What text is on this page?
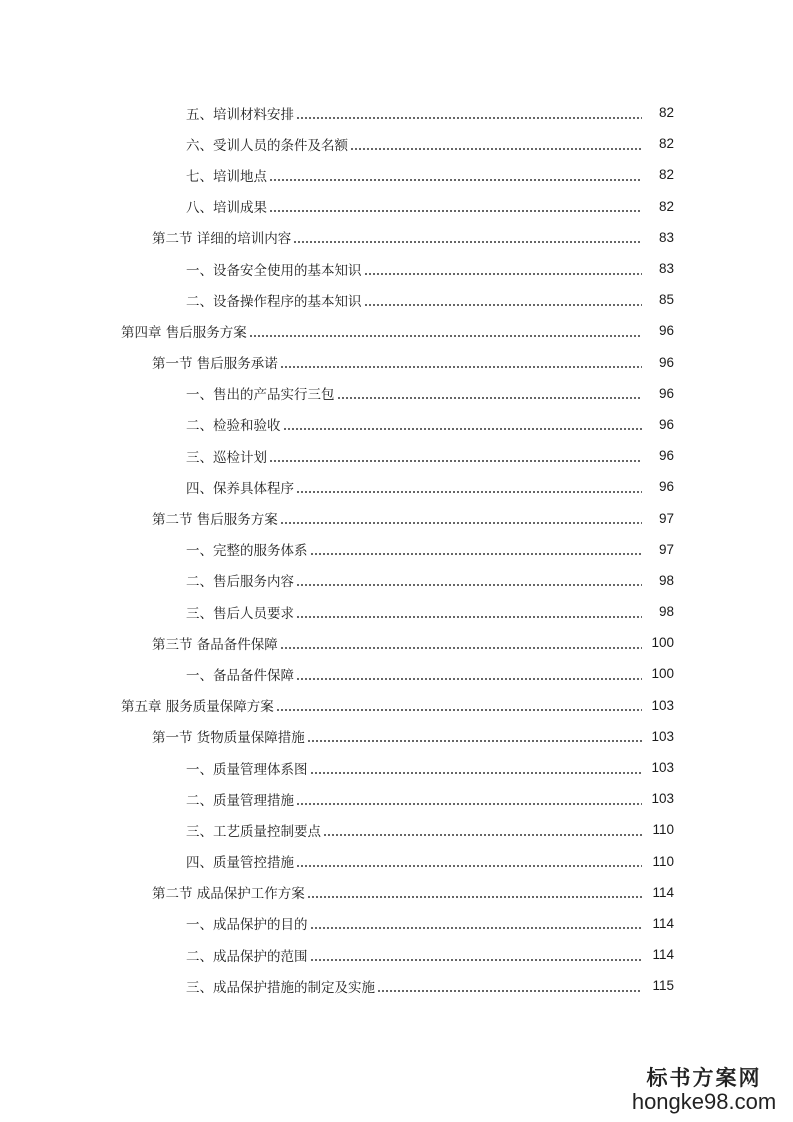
五、培训材料安排	82
六、受训人员的条件及名额	82
七、培训地点	82
八、培训成果	82
第二节 详细的培训内容	83
一、设备安全使用的基本知识	83
二、设备操作程序的基本知识	85
第四章 售后服务方案	96
第一节 售后服务承诺	96
一、售出的产品实行三包	96
二、检验和验收	96
三、巡检计划	96
四、保养具体程序	96
第二节 售后服务方案	97
一、完整的服务体系	97
二、售后服务内容	98
三、售后人员要求	98
第三节 备品备件保障	100
一、备品备件保障	100
第五章 服务质量保障方案	103
第一节 货物质量保障措施	103
一、质量管理体系图	103
二、质量管理措施	103
三、工艺质量控制要点	110
四、质量管控措施	110
第二节 成品保护工作方案	114
一、成品保护的目的	114
二、成品保护的范围	114
三、成品保护措施的制定及实施	115
标书方案网
hongke98.com
